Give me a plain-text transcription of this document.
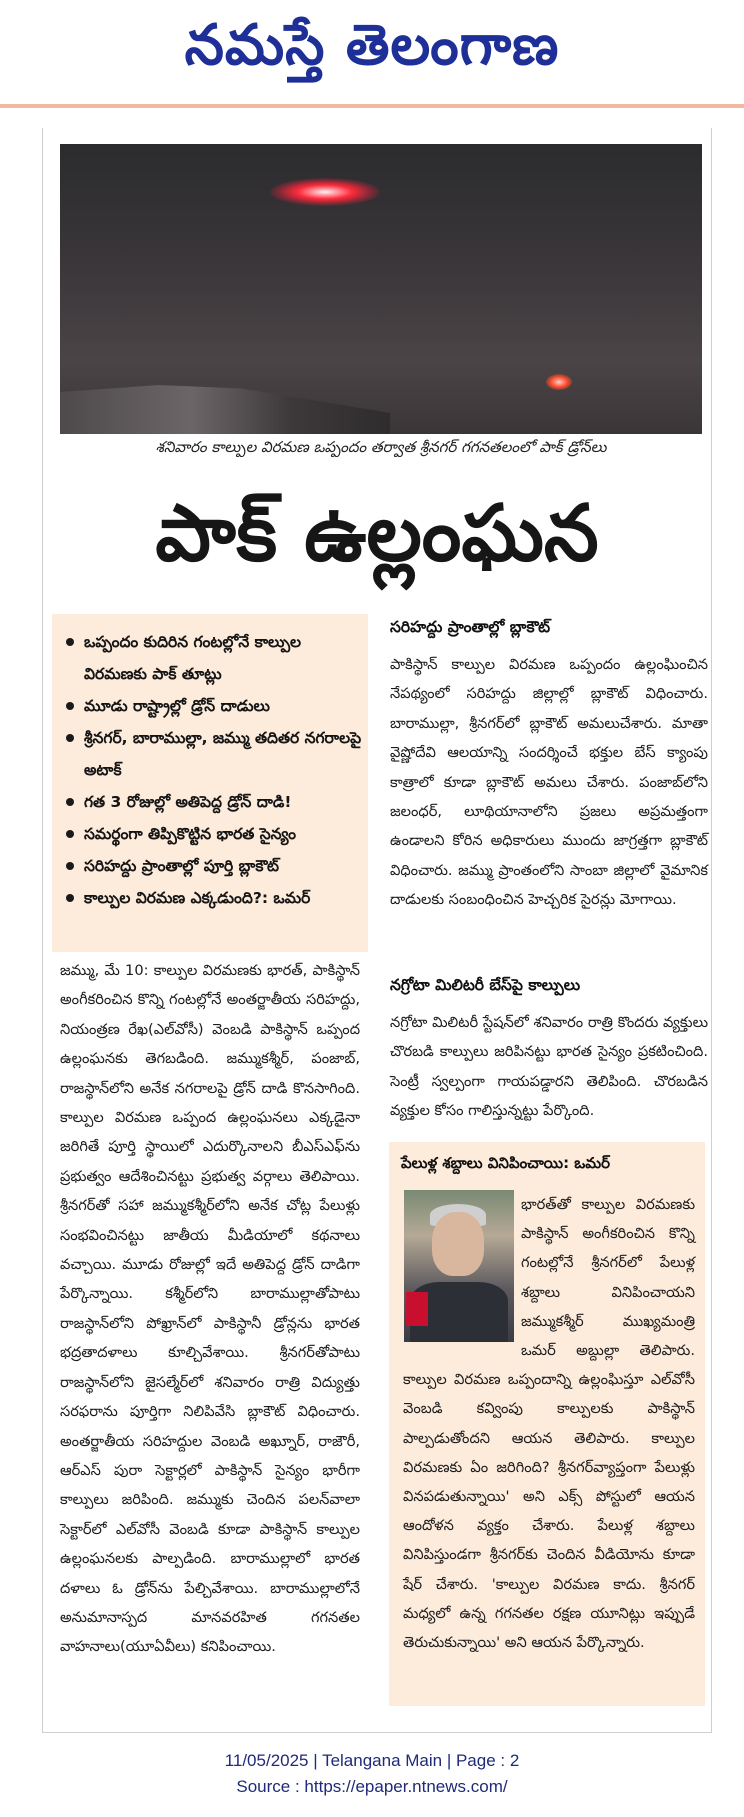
నమస్తే తెలంగాణ
శనివారం కాల్పుల విరమణ ఒప్పందం తర్వాత శ్రీనగర్ గగనతలంలో పాక్ డ్రోన్‌లు
పాక్ ఉల్లంఘన
ఒప్పందం కుదిరిన గంటల్లోనే కాల్పుల విరమణకు పాక్ తూట్లు
మూడు రాష్ట్రాల్లో డ్రోన్ దాడులు
శ్రీనగర్, బారాముల్లా, జమ్ము తదితర నగరాలపై అటాక్
గత 3 రోజుల్లో అతిపెద్ద డ్రోన్ దాడి!
సమర్థంగా తిప్పికొట్టిన భారత సైన్యం
సరిహద్దు ప్రాంతాల్లో పూర్తి బ్లాకౌట్
కాల్పుల విరమణ ఎక్కడుంది?: ఒమర్
జమ్ము, మే 10: కాల్పుల విరమణకు భారత్, పాకిస్థాన్ అంగీకరించిన కొన్ని గంటల్లోనే అంతర్జాతీయ సరిహద్దు, నియంత్రణ రేఖ(ఎల్‌వోసీ) వెంబడి పాకిస్థాన్ ఒప్పంద ఉల్లంఘనకు తెగబడింది. జమ్ముకశ్మీర్, పంజాబ్, రాజస్థాన్‌లోని అనేక నగరాలపై డ్రోన్ దాడి కొనసాగింది. కాల్పుల విరమణ ఒప్పంద ఉల్లంఘనలు ఎక్కడైనా జరిగితే పూర్తి స్థాయిలో ఎదుర్కొనాలని బీఎస్‌ఎఫ్‌ను ప్రభుత్వం ఆదేశించినట్టు ప్రభుత్వ వర్గాలు తెలిపాయి. శ్రీనగర్‌తో సహా జమ్ముకశ్మీర్‌లోని అనేక చోట్ల పేలుళ్లు సంభవించినట్టు జాతీయ మీడియాలో కథనాలు వచ్చాయి. మూడు రోజుల్లో ఇదే అతిపెద్ద డ్రోన్ దాడిగా పేర్కొన్నాయి. కశ్మీర్‌లోని బారాముల్లాతోపాటు రాజస్థాన్‌లోని పోఖ్రాన్‌లో పాకిస్థానీ డ్రోన్లను భారత భద్రతాదళాలు కూల్చివేశాయి. శ్రీనగర్‌తోపాటు రాజస్థాన్‌లోని జైసల్మేర్‌లో శనివారం రాత్రి విద్యుత్తు సరఫరాను పూర్తిగా నిలిపివేసి బ్లాకౌట్ విధించారు. అంతర్జాతీయ సరిహద్దుల వెంబడి అఖ్నూర్, రాజౌరీ, ఆర్‌ఎస్ పురా సెక్టార్లలో పాకిస్థాన్ సైన్యం భారీగా కాల్పులు జరిపింది. జమ్ముకు చెందిన పలన్‌వాలా సెక్టార్‌లో ఎల్‌వోసీ వెంబడి కూడా పాకిస్థాన్ కాల్పుల ఉల్లంఘనలకు పాల్పడింది. బారాముల్లాలో భారత దళాలు ఓ డ్రోన్‌ను పేల్చివేశాయి. బారాముల్లాలోనే అనుమానాస్పద మానవరహిత గగనతల వాహనాలు(యూఏవీలు) కనిపించాయి.
సరిహద్దు ప్రాంతాల్లో బ్లాకౌట్
పాకిస్థాన్ కాల్పుల విరమణ ఒప్పందం ఉల్లంఘించిన నేపథ్యంలో సరిహద్దు జిల్లాల్లో బ్లాకౌట్ విధించారు. బారాముల్లా, శ్రీనగర్‌లో బ్లాకౌట్ అమలుచేశారు. మాతా వైష్ణోదేవి ఆలయాన్ని సందర్శించే భక్తుల బేస్ క్యాంపు కాత్రాలో కూడా బ్లాకౌట్ అమలు చేశారు. పంజాబ్‌లోని జలంధర్, లూథియానాలోని ప్రజలు అప్రమత్తంగా ఉండాలని కోరిన అధికారులు ముందు జాగ్రత్తగా బ్లాకౌట్ విధించారు. జమ్ము ప్రాంతంలోని సాంబా జిల్లాలో వైమానిక దాడులకు సంబంధించిన హెచ్చరిక సైరన్లు మోగాయి.
నగ్రోటా మిలిటరీ బేస్‌పై కాల్పులు
నగ్రోటా మిలిటరీ స్టేషన్‌లో శనివారం రాత్రి కొందరు వ్యక్తులు చొరబడి కాల్పులు జరిపినట్టు భారత సైన్యం ప్రకటించింది. సెంట్రీ స్వల్పంగా గాయపడ్డారని తెలిపింది. చొరబడిన వ్యక్తుల కోసం గాలిస్తున్నట్టు పేర్కొంది.
పేలుళ్ల శబ్దాలు వినిపించాయి: ఒమర్
భారత్‌తో కాల్పుల విరమణకు పాకిస్థాన్ అంగీకరించిన కొన్ని గంటల్లోనే శ్రీనగర్‌లో పేలుళ్ల శబ్దాలు వినిపించాయని జమ్ముకశ్మీర్ ముఖ్యమంత్రి ఒమర్ అబ్దుల్లా తెలిపారు. కాల్పుల విరమణ ఒప్పందాన్ని ఉల్లంఘిస్తూ ఎల్‌వోసీ వెంబడి కవ్వింపు కాల్పులకు పాకిస్థాన్ పాల్పడుతోందని ఆయన తెలిపారు. కాల్పుల విరమణకు ఏం జరిగింది? శ్రీనగర్‌వ్యాప్తంగా పేలుళ్లు వినపడుతున్నాయి' అని ఎక్స్ పోస్టులో ఆయన ఆందోళన వ్యక్తం చేశారు. పేలుళ్ల శబ్దాలు వినిపిస్తుండగా శ్రీనగర్‌కు చెందిన వీడియోను కూడా షేర్ చేశారు. 'కాల్పుల విరమణ కాదు. శ్రీనగర్ మధ్యలో ఉన్న గగనతల రక్షణ యూనిట్లు ఇప్పుడే తెరుచుకున్నాయి' అని ఆయన పేర్కొన్నారు.
11/05/2025 | Telangana Main | Page : 2
Source : https://epaper.ntnews.com/
